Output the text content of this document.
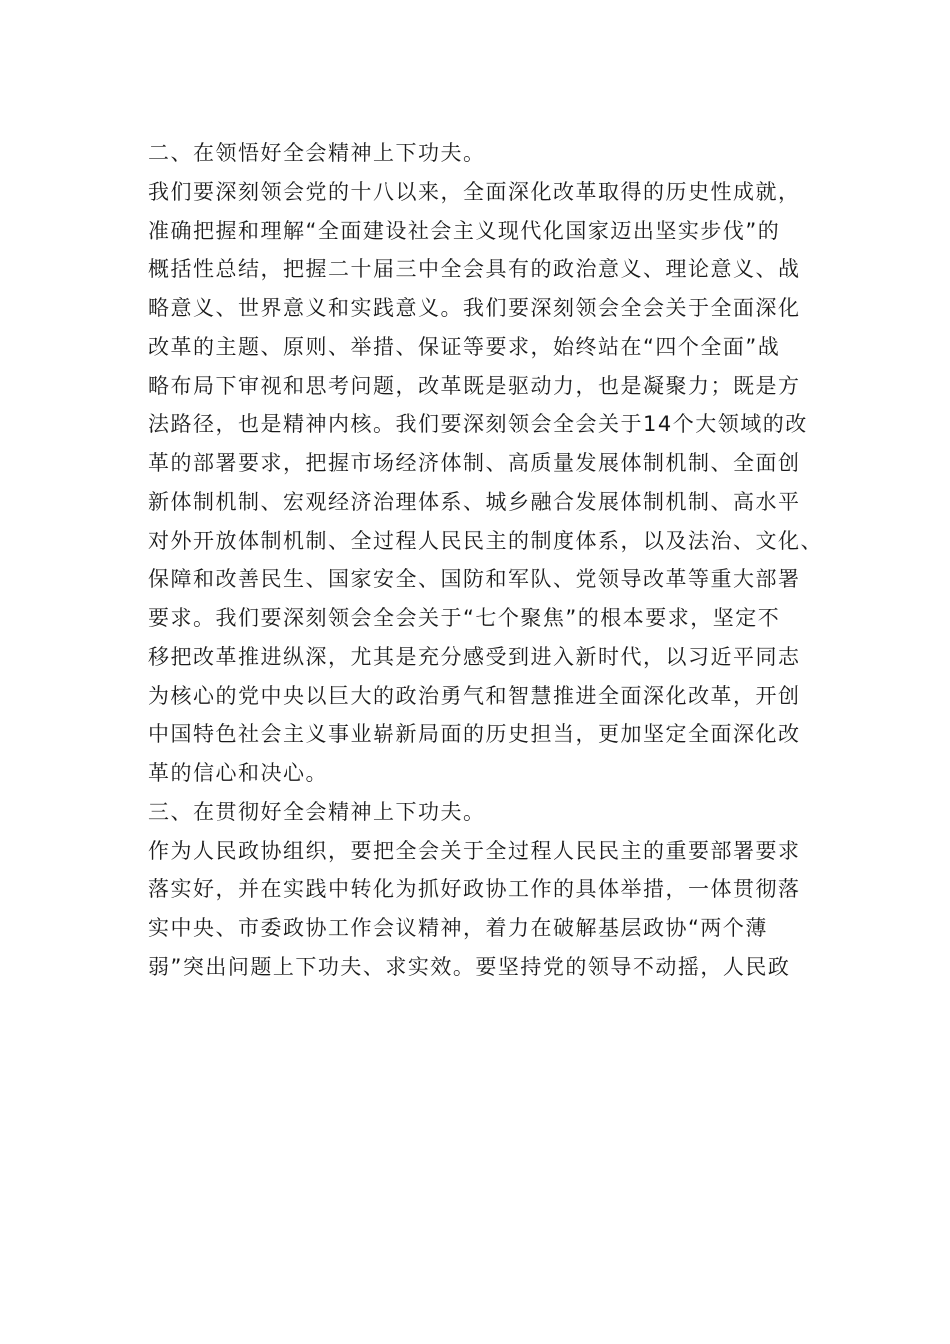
二、在领悟好全会精神上下功夫。
我们要深刻领会党的十八以来，全面深化改革取得的历史性成就，
准确把握和理解“全面建设社会主义现代化国家迈出坚实步伐”的
概括性总结，把握二十届三中全会具有的政治意义、理论意义、战
略意义、世界意义和实践意义。我们要深刻领会全会关于全面深化
改革的主题、原则、举措、保证等要求，始终站在“四个全面”战
略布局下审视和思考问题，改革既是驱动力，也是凝聚力；既是方
法路径，也是精神内核。我们要深刻领会全会关于14个大领域的改
革的部署要求，把握市场经济体制、高质量发展体制机制、全面创
新体制机制、宏观经济治理体系、城乡融合发展体制机制、高水平
对外开放体制机制、全过程人民民主的制度体系，以及法治、文化、
保障和改善民生、国家安全、国防和军队、党领导改革等重大部署
要求。我们要深刻领会全会关于“七个聚焦”的根本要求，坚定不
移把改革推进纵深，尤其是充分感受到进入新时代，以习近平同志
为核心的党中央以巨大的政治勇气和智慧推进全面深化改革，开创
中国特色社会主义事业崭新局面的历史担当，更加坚定全面深化改
革的信心和决心。
三、在贯彻好全会精神上下功夫。
作为人民政协组织，要把全会关于全过程人民民主的重要部署要求
落实好，并在实践中转化为抓好政协工作的具体举措，一体贯彻落
实中央、市委政协工作会议精神，着力在破解基层政协“两个薄
弱”突出问题上下功夫、求实效。要坚持党的领导不动摇，人民政
